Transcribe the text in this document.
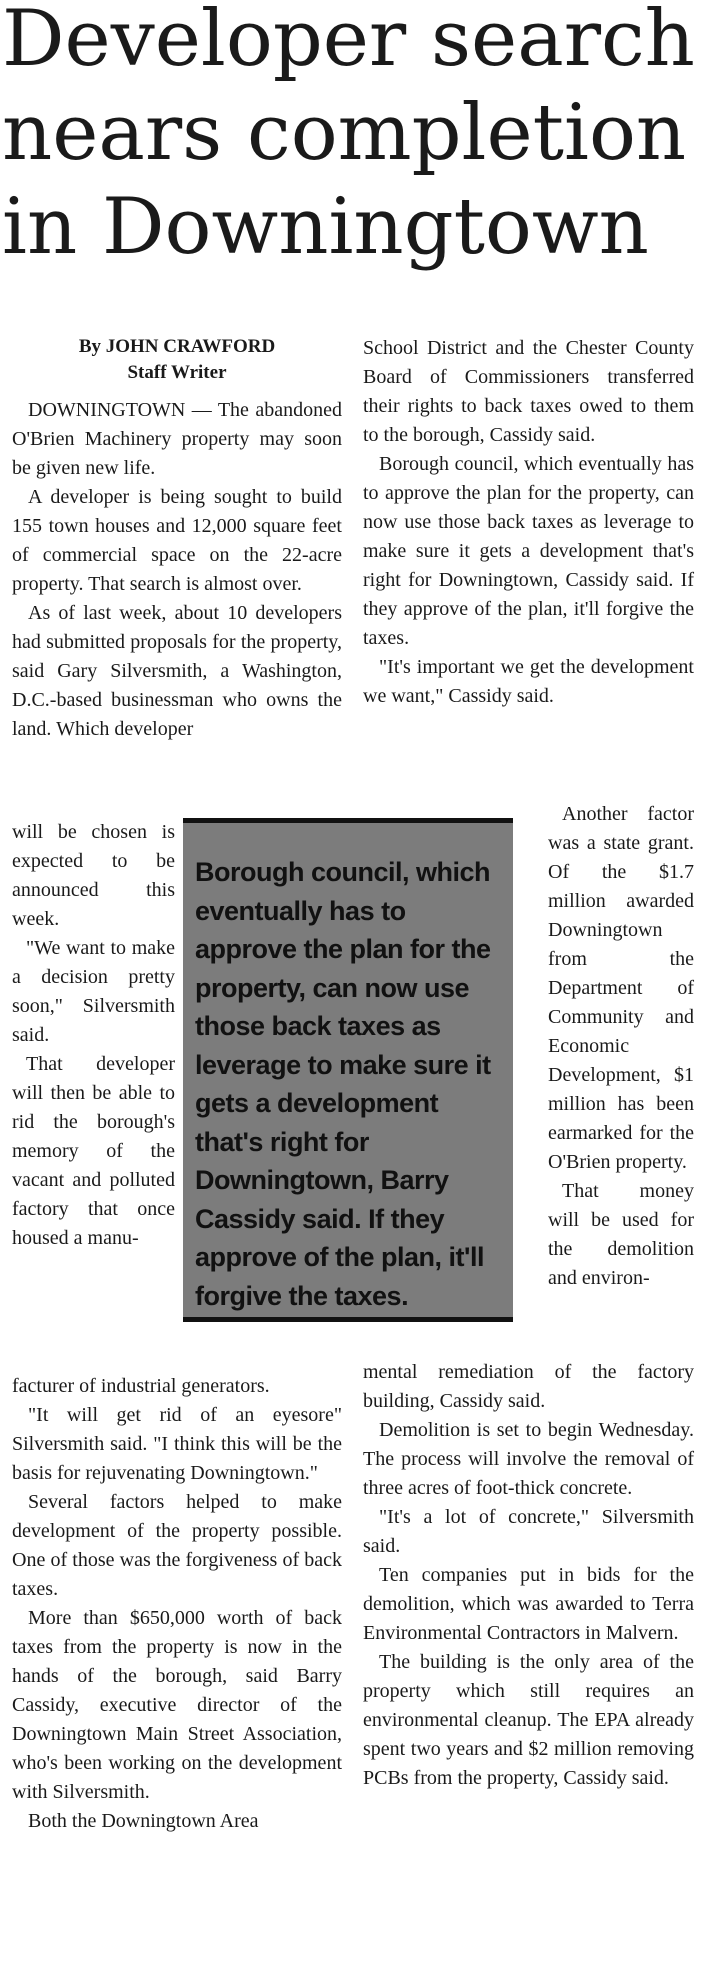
Developer search
nears completion
in Downingtown
By JOHN CRAWFORD
Staff Writer

DOWNINGTOWN — The abandoned O'Brien Machinery property may soon be given new life.

A developer is being sought to build 155 town houses and 12,000 square feet of commercial space on the 22-acre property. That search is almost over.

As of last week, about 10 developers had submitted proposals for the property, said Gary Silversmith, a Washington, D.C.-based businessman who owns the land. Which developer

will be chosen is expected to be announced this week.

"We want to make a decision pretty soon," Silversmith said.

That developer will then be able to rid the borough's memory of the vacant and polluted factory that once housed a manu-

Borough council, which eventually has to approve the plan for the property, can now use those back taxes as leverage to make sure it gets a development that's right for Downingtown, Barry Cassidy said. If they approve of the plan, it'll forgive the taxes.

facturer of industrial generators.

"It will get rid of an eyesore" Silversmith said. "I think this will be the basis for rejuvenating Downingtown."

Several factors helped to make development of the property possible. One of those was the forgiveness of back taxes.

More than $650,000 worth of back taxes from the property is now in the hands of the borough, said Barry Cassidy, executive director of the Downingtown Main Street Association, who's been working on the development with Silversmith.

Both the Downingtown Area

School District and the Chester County Board of Commissioners transferred their rights to back taxes owed to them to the borough, Cassidy said.

Borough council, which eventually has to approve the plan for the property, can now use those back taxes as leverage to make sure it gets a development that's right for Downingtown, Cassidy said. If they approve of the plan, it'll forgive the taxes.

"It's important we get the development we want," Cassidy said.

Another factor was a state grant. Of the $1.7 million awarded Downingtown from the Department of Community and Economic Development, $1 million has been earmarked for the O'Brien property.

That money will be used for the demolition and environ-

mental remediation of the factory building, Cassidy said.

Demolition is set to begin Wednesday. The process will involve the removal of three acres of foot-thick concrete.

"It's a lot of concrete," Silversmith said.

Ten companies put in bids for the demolition, which was awarded to Terra Environmental Contractors in Malvern.

The building is the only area of the property which still requires an environmental cleanup. The EPA already spent two years and $2 million removing PCBs from the property, Cassidy said.
